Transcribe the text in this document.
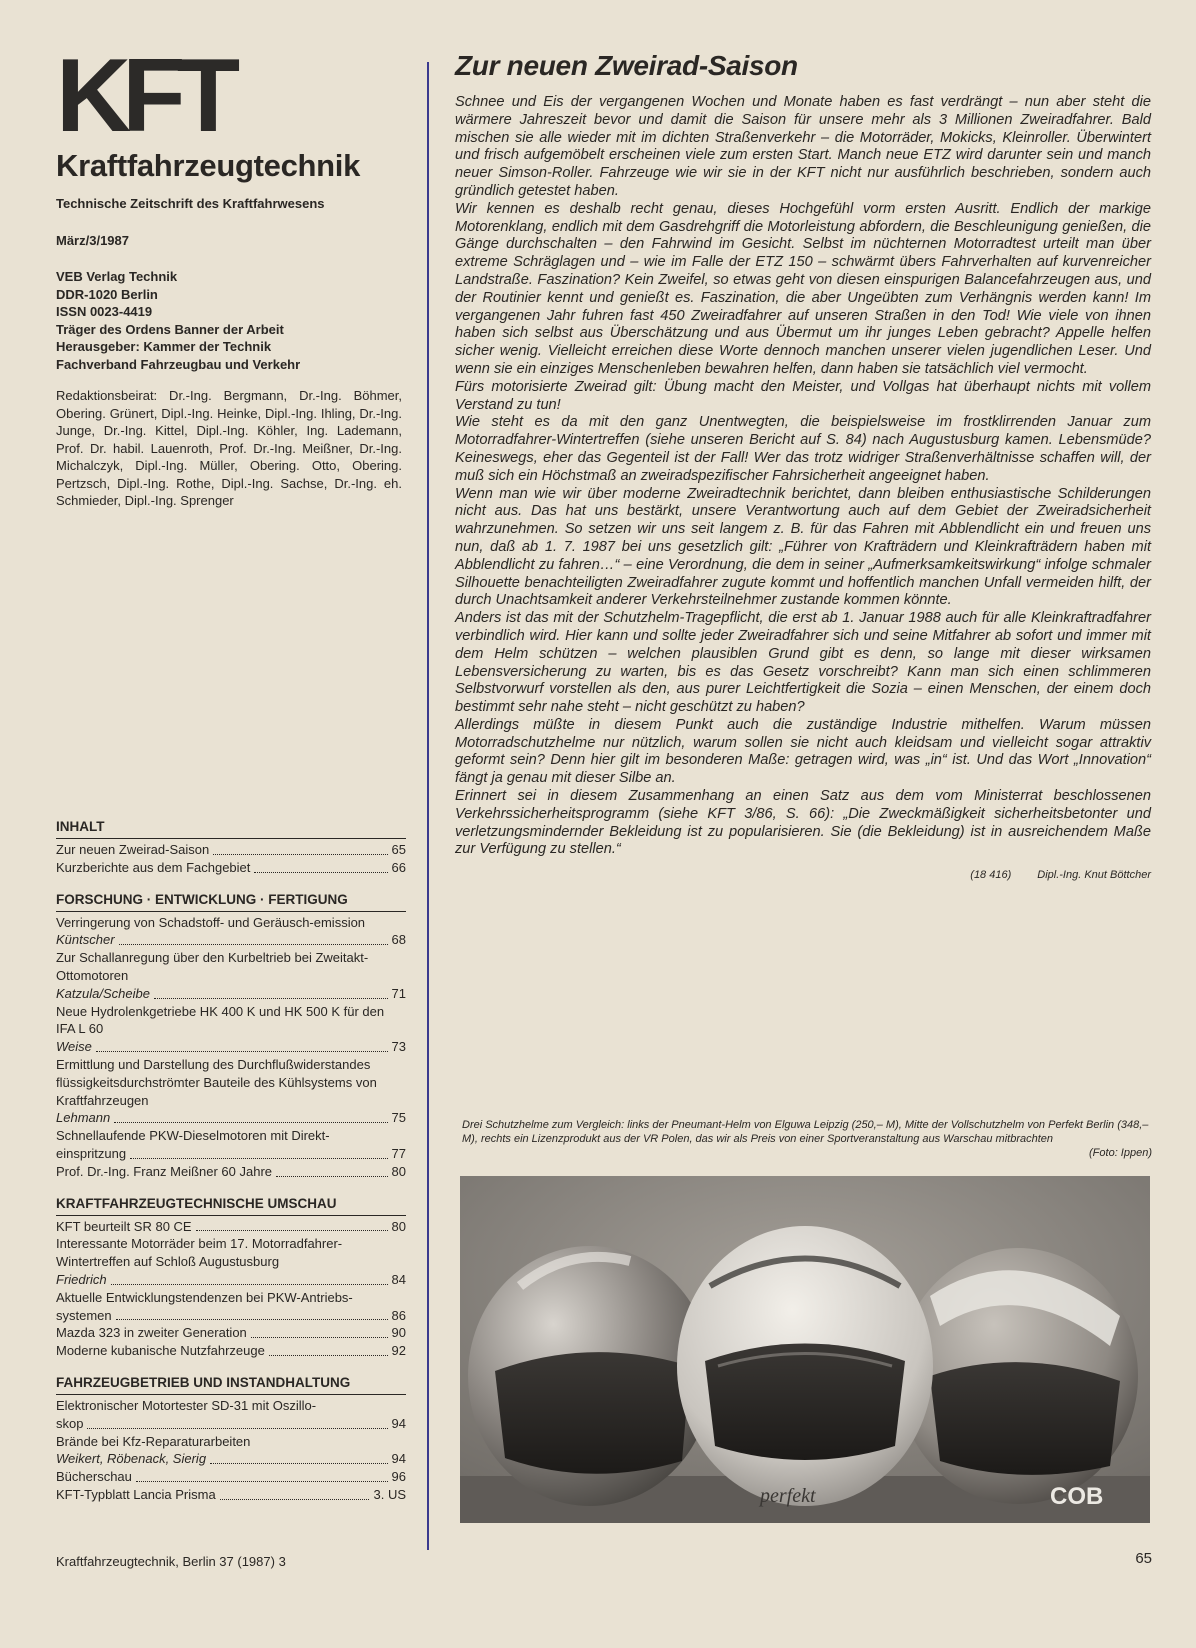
KFT
Kraftfahrzeugtechnik
Technische Zeitschrift des Kraftfahrwesens
März/3/1987
VEB Verlag Technik
DDR-1020 Berlin
ISSN 0023-4419
Träger des Ordens Banner der Arbeit
Herausgeber: Kammer der Technik
Fachverband Fahrzeugbau und Verkehr
Redaktionsbeirat: Dr.-Ing. Bergmann, Dr.-Ing. Böhmer, Obering. Grünert, Dipl.-Ing. Heinke, Dipl.-Ing. Ihling, Dr.-Ing. Junge, Dr.-Ing. Kittel, Dipl.-Ing. Köhler, Ing. Lademann, Prof. Dr. habil. Lauenroth, Prof. Dr.-Ing. Meißner, Dr.-Ing. Michalczyk, Dipl.-Ing. Müller, Obering. Otto, Obering. Pertzsch, Dipl.-Ing. Rothe, Dipl.-Ing. Sachse, Dr.-Ing. eh. Schmieder, Dipl.-Ing. Sprenger
INHALT
Zur neuen Zweirad-Saison	65
Kurzberichte aus dem Fachgebiet	66
FORSCHUNG · ENTWICKLUNG · FERTIGUNG
Verringerung von Schadstoff- und Geräusch-emission
Küntscher	68
Zur Schallanregung über den Kurbeltrieb bei Zweitakt-Ottomotoren
Katzula/Scheibe	71
Neue Hydrolenkgetriebe HK 400 K und HK 500 K für den IFA L 60
Weise	73
Ermittlung und Darstellung des Durchflußwiderstandes flüssigkeitsdurchströmter Bauteile des Kühlsystems von Kraftfahrzeugen
Lehmann	75
Schnellaufende PKW-Dieselmotoren mit Direkt-
einspritzung	77
Prof. Dr.-Ing. Franz Meißner 60 Jahre	80
KRAFTFAHRZEUGTECHNISCHE UMSCHAU
KFT beurteilt SR 80 CE	80
Interessante Motorräder beim 17. Motorradfahrer-Wintertreffen auf Schloß Augustusburg
Friedrich	84
Aktuelle Entwicklungstendenzen bei PKW-Antriebs-
systemen	86
Mazda 323 in zweiter Generation	90
Moderne kubanische Nutzfahrzeuge	92
FAHRZEUGBETRIEB UND INSTANDHALTUNG
Elektronischer Motortester SD-31 mit Oszillo-
skop	94
Brände bei Kfz-Reparaturarbeiten
Weikert, Röbenack, Sierig	94
Bücherschau	96
KFT-Typblatt Lancia Prisma	3. US
Zur neuen Zweirad-Saison

Schnee und Eis der vergangenen Wochen und Monate haben es fast verdrängt – nun aber steht die wärmere Jahreszeit bevor und damit die Saison für unsere mehr als 3 Millionen Zweiradfahrer. Bald mischen sie alle wieder mit im dichten Straßenverkehr – die Motorräder, Mokicks, Kleinroller. Überwintert und frisch aufgemöbelt erscheinen viele zum ersten Start. Manch neue ETZ wird darunter sein und manch neuer Simson-Roller. Fahrzeuge wie wir sie in der KFT nicht nur ausführlich beschrieben, sondern auch gründlich getestet haben.

Wir kennen es deshalb recht genau, dieses Hochgefühl vorm ersten Ausritt. Endlich der markige Motorenklang, endlich mit dem Gasdrehgriff die Motorleistung abfordern, die Beschleunigung genießen, die Gänge durchschalten – den Fahrwind im Gesicht. Selbst im nüchternen Motorradtest urteilt man über extreme Schräglagen und – wie im Falle der ETZ 150 – schwärmt übers Fahrverhalten auf kurvenreicher Landstraße. Faszination? Kein Zweifel, so etwas geht von diesen einspurigen Balancefahrzeugen aus, und der Routinier kennt und genießt es. Faszination, die aber Ungeübten zum Verhängnis werden kann! Im vergangenen Jahr fuhren fast 450 Zweiradfahrer auf unseren Straßen in den Tod! Wie viele von ihnen haben sich selbst aus Überschätzung und aus Übermut um ihr junges Leben gebracht? Appelle helfen sicher wenig. Vielleicht erreichen diese Worte dennoch manchen unserer vielen jugendlichen Leser. Und wenn sie ein einziges Menschenleben bewahren helfen, dann haben sie tatsächlich viel vermocht.

Fürs motorisierte Zweirad gilt: Übung macht den Meister, und Vollgas hat überhaupt nichts mit vollem Verstand zu tun!

Wie steht es da mit den ganz Unentwegten, die beispielsweise im frostklirrenden Januar zum Motorradfahrer-Wintertreffen (siehe unseren Bericht auf S. 84) nach Augustusburg kamen. Lebensmüde? Keineswegs, eher das Gegenteil ist der Fall! Wer das trotz widriger Straßenverhältnisse schaffen will, der muß sich ein Höchstmaß an zweiradspezifischer Fahrsicherheit angeeignet haben.

Wenn man wie wir über moderne Zweiradtechnik berichtet, dann bleiben enthusiastische Schilderungen nicht aus. Das hat uns bestärkt, unsere Verantwortung auch auf dem Gebiet der Zweiradsicherheit wahrzunehmen. So setzen wir uns seit langem z. B. für das Fahren mit Abblendlicht ein und freuen uns nun, daß ab 1. 7. 1987 bei uns gesetzlich gilt: „Führer von Krafträdern und Kleinkrafträdern haben mit Abblendlicht zu fahren…“ – eine Verordnung, die dem in seiner „Aufmerksamkeitswirkung“ infolge schmaler Silhouette benachteiligten Zweiradfahrer zugute kommt und hoffentlich manchen Unfall vermeiden hilft, der durch Unachtsamkeit anderer Verkehrsteilnehmer zustande kommen könnte.

Anders ist das mit der Schutzhelm-Tragepflicht, die erst ab 1. Januar 1988 auch für alle Kleinkraftradfahrer verbindlich wird. Hier kann und sollte jeder Zweiradfahrer sich und seine Mitfahrer ab sofort und immer mit dem Helm schützen – welchen plausiblen Grund gibt es denn, so lange mit dieser wirksamen Lebensversicherung zu warten, bis es das Gesetz vorschreibt? Kann man sich einen schlimmeren Selbstvorwurf vorstellen als den, aus purer Leichtfertigkeit die Sozia – einen Menschen, der einem doch bestimmt sehr nahe steht – nicht geschützt zu haben?

Allerdings müßte in diesem Punkt auch die zuständige Industrie mithelfen. Warum müssen Motorradschutzhelme nur nützlich, warum sollen sie nicht auch kleidsam und vielleicht sogar attraktiv geformt sein? Denn hier gilt im besonderen Maße: getragen wird, was „in“ ist. Und das Wort „Innovation“ fängt ja genau mit dieser Silbe an.

Erinnert sei in diesem Zusammenhang an einen Satz aus dem vom Ministerrat beschlossenen Verkehrssicherheitsprogramm (siehe KFT 3/86, S. 66): „Die Zweckmäßigkeit sicherheitsbetonter und verletzungsmindernder Bekleidung ist zu popularisieren. Sie (die Bekleidung) ist in ausreichendem Maße zur Verfügung zu stellen.“

(18 416) Dipl.-Ing. Knut Böttcher
Drei Schutzhelme zum Vergleich: links der Pneumant-Helm von Elguwa Leipzig (250,– M), Mitte der Vollschutzhelm von Perfekt Berlin (348,– M), rechts ein Lizenzprodukt aus der VR Polen, das wir als Preis von einer Sportveranstaltung aus Warschau mitbrachten
(Foto: Ippen)
COB
perfekt
Kraftfahrzeugtechnik, Berlin 37 (1987) 3	65
